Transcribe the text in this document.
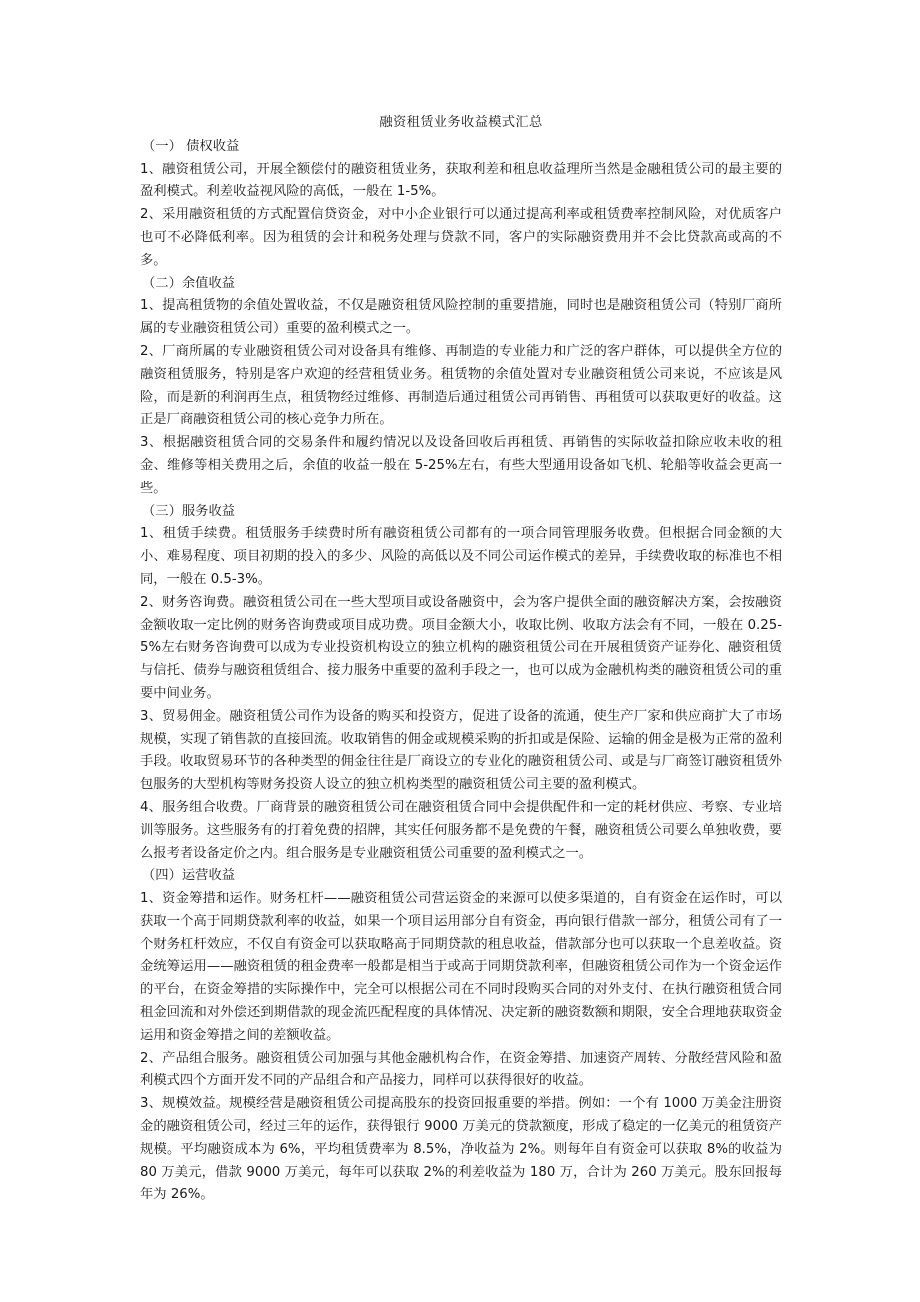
融资租赁业务收益模式汇总

（一） 债权收益

1、融资租赁公司，开展全额偿付的融资租赁业务，获取利差和租息收益理所当然是金融租赁公司的最主要的盈利模式。利差收益视风险的高低，一般在 1-5%。

2、采用融资租赁的方式配置信贷资金，对中小企业银行可以通过提高利率或租赁费率控制风险，对优质客户也可不必降低利率。因为租赁的会计和税务处理与贷款不同，客户的实际融资费用并不会比贷款高或高的不多。

（二）余值收益

1、提高租赁物的余值处置收益，不仅是融资租赁风险控制的重要措施，同时也是融资租赁公司（特别厂商所属的专业融资租赁公司）重要的盈利模式之一。

2、厂商所属的专业融资租赁公司对设备具有维修、再制造的专业能力和广泛的客户群体，可以提供全方位的融资租赁服务，特别是客户欢迎的经营租赁业务。租赁物的余值处置对专业融资租赁公司来说，不应该是风险，而是新的利润再生点，租赁物经过维修、再制造后通过租赁公司再销售、再租赁可以获取更好的收益。这正是厂商融资租赁公司的核心竞争力所在。

3、根据融资租赁合同的交易条件和履约情况以及设备回收后再租赁、再销售的实际收益扣除应收未收的租金、维修等相关费用之后，余值的收益一般在 5-25%左右，有些大型通用设备如飞机、轮船等收益会更高一些。

（三）服务收益

1、租赁手续费。租赁服务手续费时所有融资租赁公司都有的一项合同管理服务收费。但根据合同金额的大小、难易程度、项目初期的投入的多少、风险的高低以及不同公司运作模式的差异，手续费收取的标准也不相同，一般在 0.5-3%。

2、财务咨询费。融资租赁公司在一些大型项目或设备融资中，会为客户提供全面的融资解决方案，会按融资金额收取一定比例的财务咨询费或项目成功费。项目金额大小，收取比例、收取方法会有不同，一般在 0.25-5%左右财务咨询费可以成为专业投资机构设立的独立机构的融资租赁公司在开展租赁资产证券化、融资租赁与信托、债券与融资租赁组合、接力服务中重要的盈利手段之一，也可以成为金融机构类的融资租赁公司的重要中间业务。

3、贸易佣金。融资租赁公司作为设备的购买和投资方，促进了设备的流通，使生产厂家和供应商扩大了市场规模，实现了销售款的直接回流。收取销售的佣金或规模采购的折扣或是保险、运输的佣金是极为正常的盈利手段。收取贸易环节的各种类型的佣金往往是厂商设立的专业化的融资租赁公司、或是与厂商签订融资租赁外包服务的大型机构等财务投资人设立的独立机构类型的融资租赁公司主要的盈利模式。

4、服务组合收费。厂商背景的融资租赁公司在融资租赁合同中会提供配件和一定的耗材供应、考察、专业培训等服务。这些服务有的打着免费的招牌，其实任何服务都不是免费的午餐，融资租赁公司要么单独收费，要么报考者设备定价之内。组合服务是专业融资租赁公司重要的盈利模式之一。

（四）运营收益

1、资金筹措和运作。财务杠杆——融资租赁公司营运资金的来源可以使多渠道的，自有资金在运作时，可以获取一个高于同期贷款利率的收益，如果一个项目运用部分自有资金，再向银行借款一部分，租赁公司有了一个财务杠杆效应，不仅自有资金可以获取略高于同期贷款的租息收益，借款部分也可以获取一个息差收益。资金统筹运用——融资租赁的租金费率一般都是相当于或高于同期贷款利率，但融资租赁公司作为一个资金运作的平台，在资金筹措的实际操作中，完全可以根据公司在不同时段购买合同的对外支付、在执行融资租赁合同租金回流和对外偿还到期借款的现金流匹配程度的具体情况、决定新的融资数额和期限，安全合理地获取资金运用和资金筹措之间的差额收益。

2、产品组合服务。融资租赁公司加强与其他金融机构合作，在资金筹措、加速资产周转、分散经营风险和盈利模式四个方面开发不同的产品组合和产品接力，同样可以获得很好的收益。

3、规模效益。规模经营是融资租赁公司提高股东的投资回报重要的举措。例如：一个有 1000 万美金注册资金的融资租赁公司，经过三年的运作，获得银行 9000 万美元的贷款额度，形成了稳定的一亿美元的租赁资产规模。平均融资成本为 6%，平均租赁费率为 8.5%，净收益为 2%。则每年自有资金可以获取 8%的收益为 80 万美元，借款 9000 万美元，每年可以获取 2%的利差收益为 180 万，合计为 260 万美元。股东回报每年为 26%。
